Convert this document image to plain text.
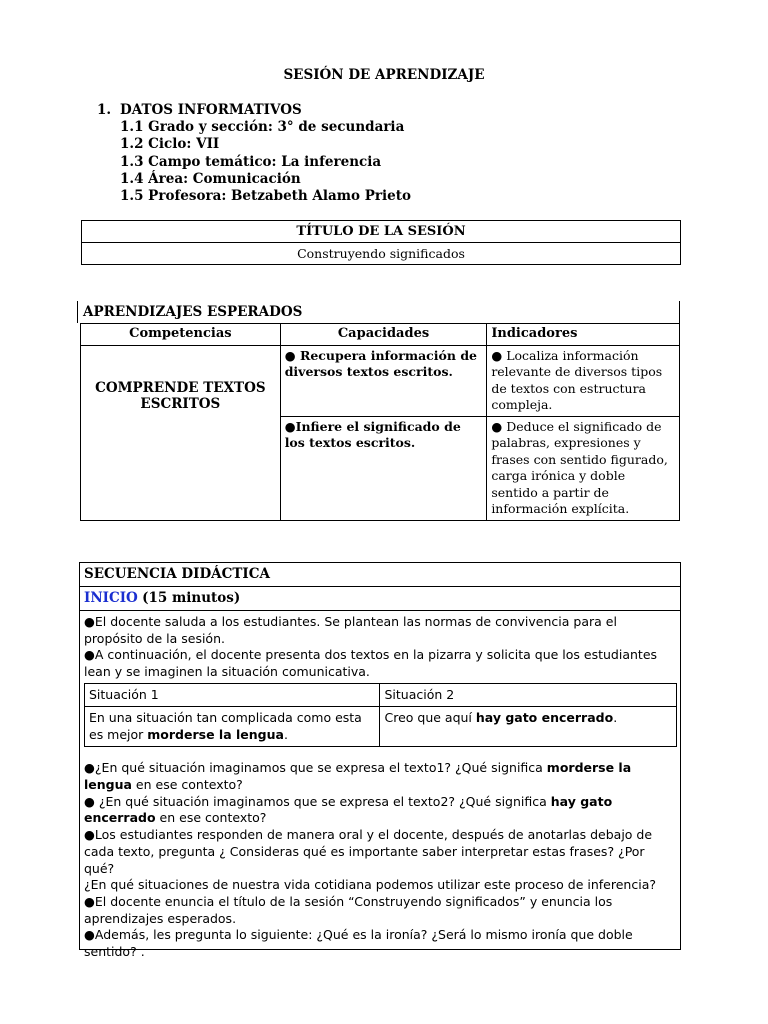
SESIÓN DE APRENDIZAJE
1. DATOS INFORMATIVOS
1.1 Grado y sección: 3° de secundaria
1.2 Ciclo: VII
1.3 Campo temático: La inferencia
1.4 Área: Comunicación
1.5 Profesora: Betzabeth Alamo Prieto
TÍTULO DE LA SESIÓN
Construyendo significados
APRENDIZAJES ESPERADOS
Competencias	Capacidades	Indicadores
COMPRENDE TEXTOS ESCRITOS	● Recupera información de diversos textos escritos.	● Localiza información relevante de diversos tipos de textos con estructura compleja.
	●Infiere el significado de los textos escritos.	● Deduce el significado de palabras, expresiones y frases con sentido figurado, carga irónica y doble sentido a partir de información explícita.
SECUENCIA DIDÁCTICA
INICIO (15 minutos)
●El docente saluda a los estudiantes. Se plantean las normas de convivencia para el propósito de la sesión.
●A continuación, el docente presenta dos textos en la pizarra y solicita que los estudiantes lean y se imaginen la situación comunicativa.
Situación 1	Situación 2
En una situación tan complicada como esta es mejor morderse la lengua.	Creo que aquí hay gato encerrado.
●¿En qué situación imaginamos que se expresa el texto1? ¿Qué significa morderse la lengua en ese contexto?
● ¿En qué situación imaginamos que se expresa el texto2? ¿Qué significa hay gato encerrado en ese contexto?
●Los estudiantes responden de manera oral y el docente, después de anotarlas debajo de cada texto, pregunta ¿ Consideras qué es importante saber interpretar estas frases? ¿Por qué?
¿En qué situaciones de nuestra vida cotidiana podemos utilizar este proceso de inferencia?
●El docente enuncia el título de la sesión “Construyendo significados” y enuncia los aprendizajes esperados.
●Además, les pregunta lo siguiente: ¿Qué es la ironía? ¿Será lo mismo ironía que doble sentido? .
